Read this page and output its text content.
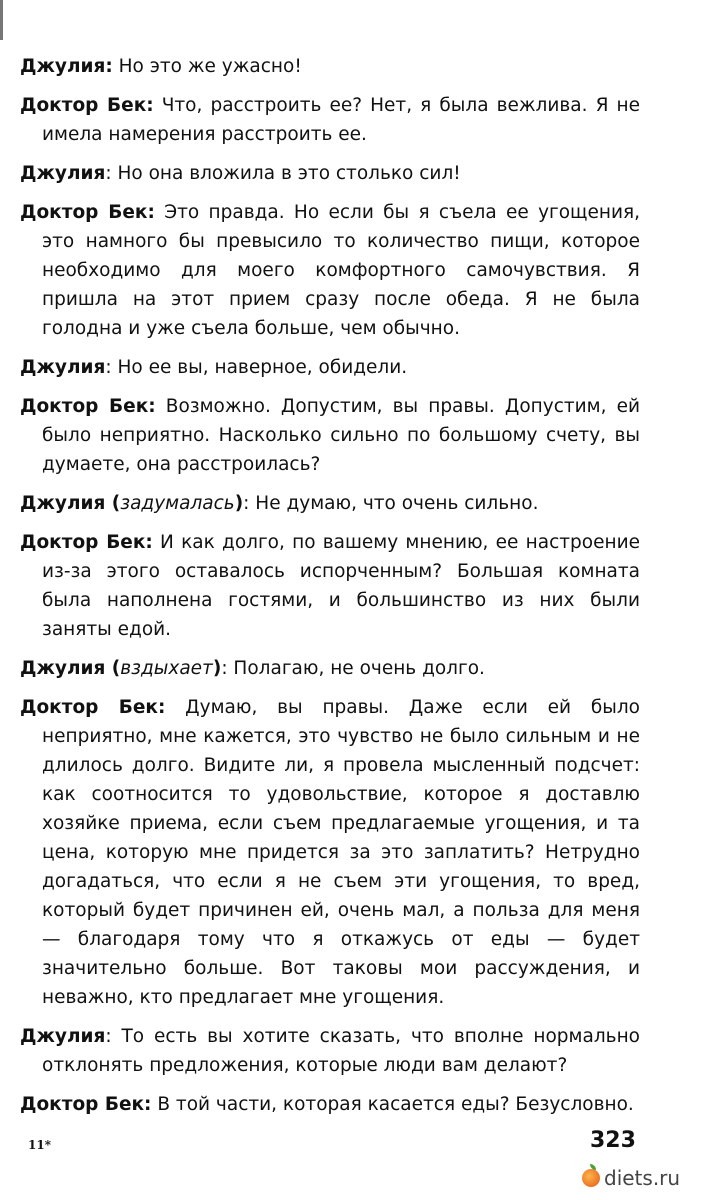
Джулия: Но это же ужасно!

Доктор Бек: Что, расстроить ее? Нет, я была вежлива. Я не имела намерения расстроить ее.

Джулия: Но она вложила в это столько сил!

Доктор Бек: Это правда. Но если бы я съела ее угощения, это намного бы превысило то количество пищи, которое необходимо для моего комфортного самочувствия. Я пришла на этот прием сразу после обеда. Я не была голодна и уже съела больше, чем обычно.

Джулия: Но ее вы, наверное, обидели.

Доктор Бек: Возможно. Допустим, вы правы. Допустим, ей было неприятно. Насколько сильно по большому счету, вы думаете, она расстроилась?

Джулия (задумалась): Не думаю, что очень сильно.

Доктор Бек: И как долго, по вашему мнению, ее настроение из-за этого оставалось испорченным? Большая комната была наполнена гостями, и большинство из них были заняты едой.

Джулия (вздыхает): Полагаю, не очень долго.

Доктор Бек: Думаю, вы правы. Даже если ей было неприятно, мне кажется, это чувство не было сильным и не длилось долго. Видите ли, я провела мысленный подсчет: как соотносится то удовольствие, которое я доставлю хозяйке приема, если съем предлагаемые угощения, и та цена, которую мне придется за это заплатить? Нетрудно догадаться, что если я не съем эти угощения, то вред, который будет причинен ей, очень мал, а польза для меня — благодаря тому что я откажусь от еды — будет значительно больше. Вот таковы мои рассуждения, и неважно, кто предлагает мне угощения.

Джулия: То есть вы хотите сказать, что вполне нормально отклонять предложения, которые люди вам делают?

Доктор Бек: В той части, которая касается еды? Безусловно.

11*	323
diets.ru
